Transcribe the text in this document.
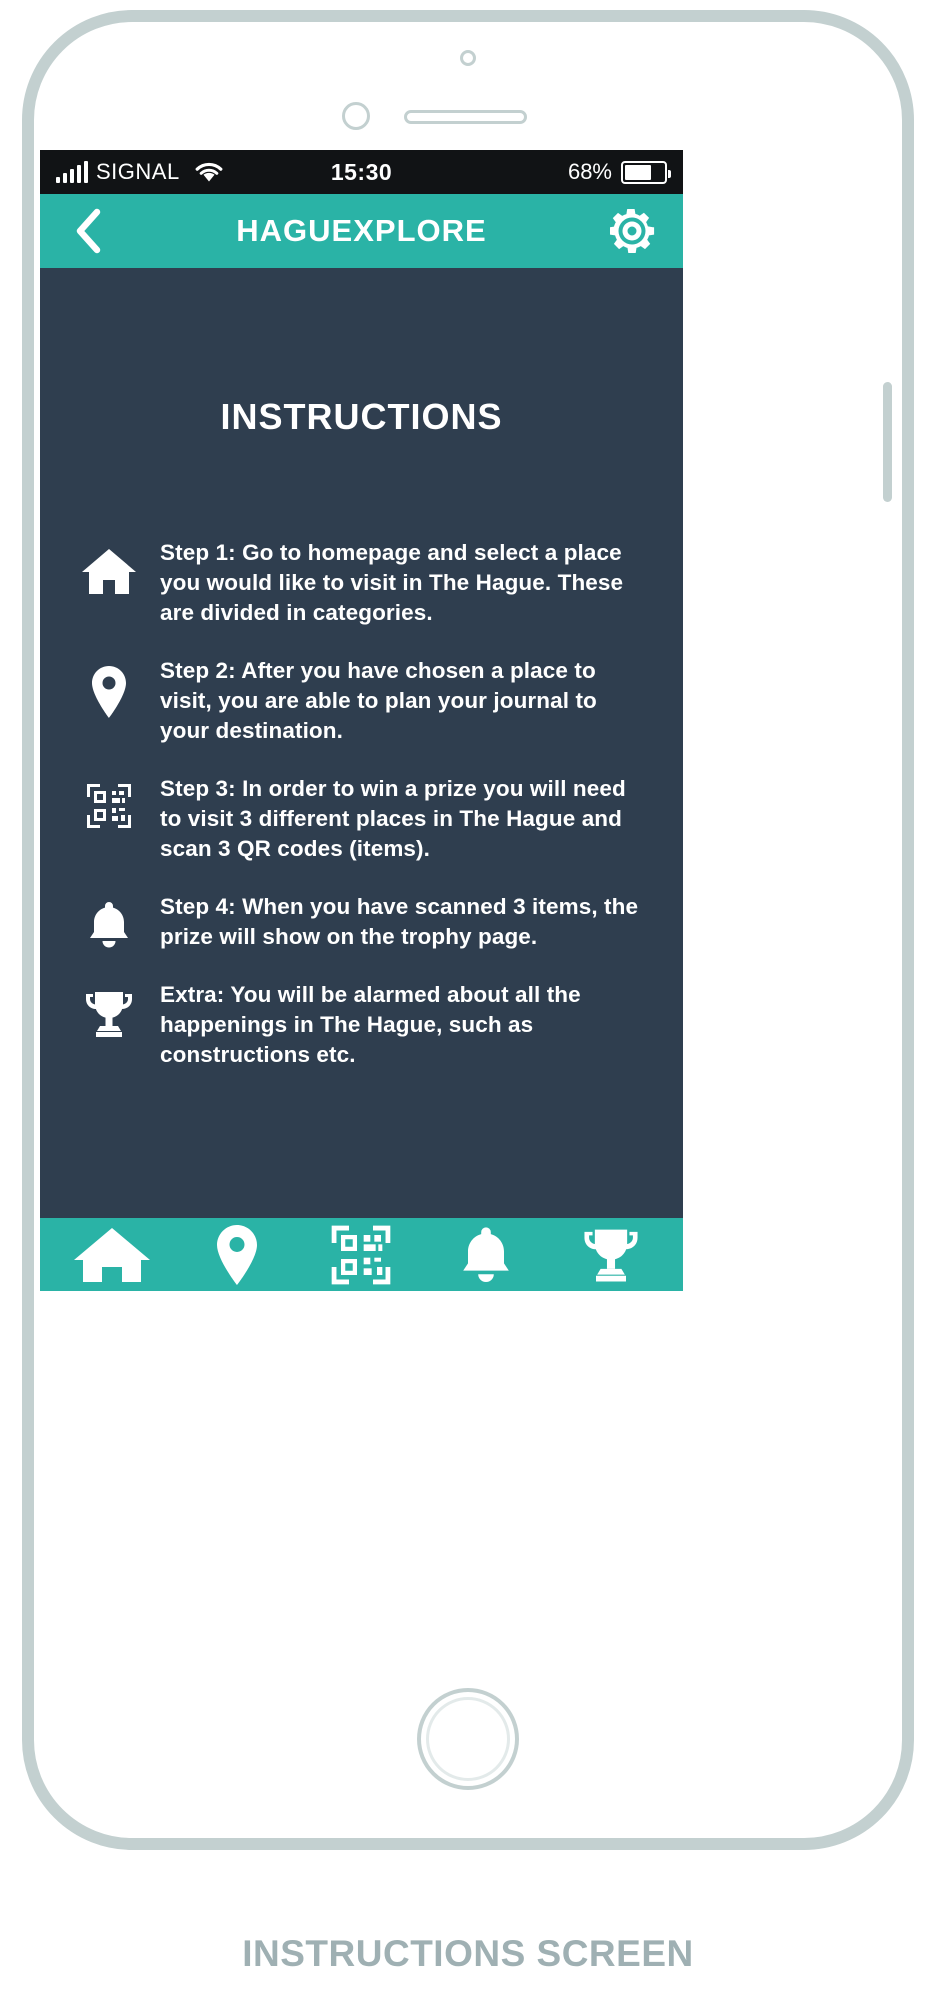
SIGNAL	15:30	68%
HAGUEXPLORE
INSTRUCTIONS
Step 1: Go to homepage and select a place you would like to visit in The Hague. These are divided in categories.
Step 2: After you have chosen a place to visit, you are able to plan your journal to your destination.
Step 3: In order to win a prize you will need to visit 3 different places in The Hague and scan 3 QR codes (items).
Step 4: When you have scanned 3 items, the prize will show on the trophy page.
Extra: You will be alarmed about all the happenings in The Hague, such as constructions etc.
INSTRUCTIONS SCREEN
